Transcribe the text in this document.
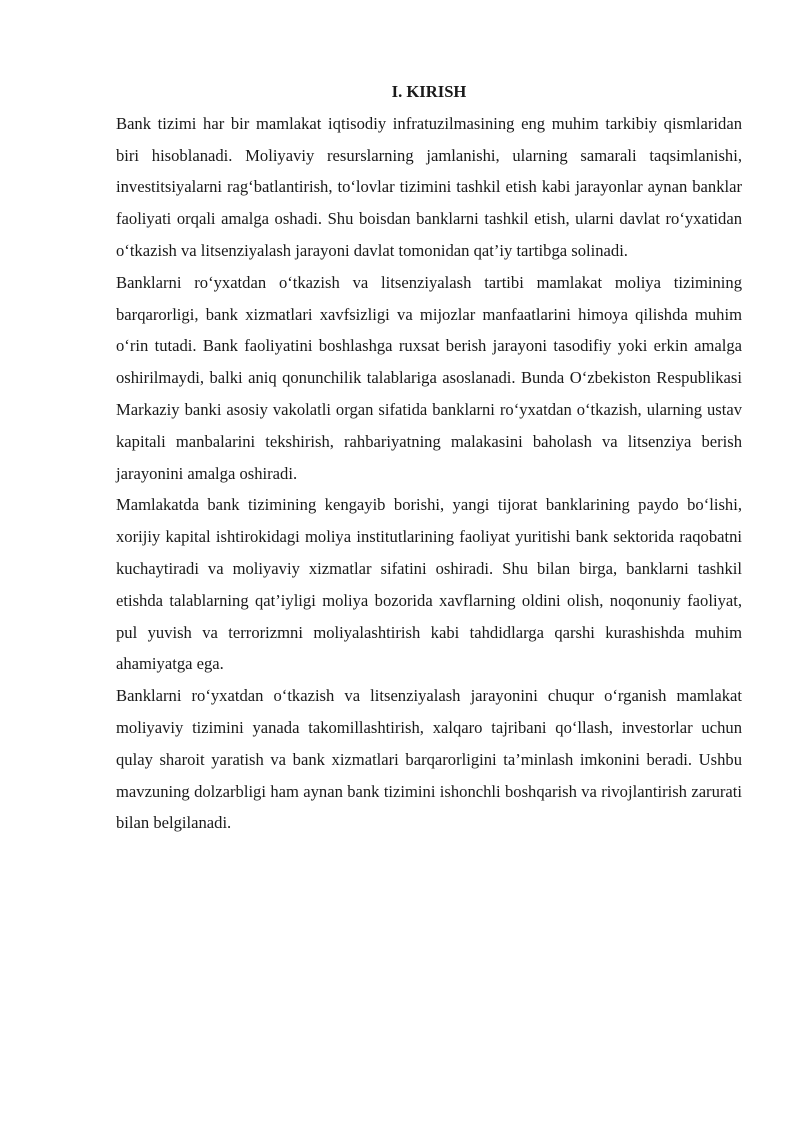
I. KIRISH

Bank tizimi har bir mamlakat iqtisodiy infratuzilmasining eng muhim tarkibiy qismlaridan biri hisoblanadi. Moliyaviy resurslarning jamlanishi, ularning samarali taqsimlanishi, investitsiyalarni rag‘batlantirish, to‘lovlar tizimini tashkil etish kabi jarayonlar aynan banklar faoliyati orqali amalga oshadi. Shu boisdan banklarni tashkil etish, ularni davlat ro‘yxatidan o‘tkazish va litsenziyalash jarayoni davlat tomonidan qat’iy tartibga solinadi.

Banklarni ro‘yxatdan o‘tkazish va litsenziyalash tartibi mamlakat moliya tizimining barqarorligi, bank xizmatlari xavfsizligi va mijozlar manfaatlarini himoya qilishda muhim o‘rin tutadi. Bank faoliyatini boshlashga ruxsat berish jarayoni tasodifiy yoki erkin amalga oshirilmaydi, balki aniq qonunchilik talablariga asoslanadi. Bunda O‘zbekiston Respublikasi Markaziy banki asosiy vakolatli organ sifatida banklarni ro‘yxatdan o‘tkazish, ularning ustav kapitali manbalarini tekshirish, rahbariyatning malakasini baholash va litsenziya berish jarayonini amalga oshiradi.

Mamlakatda bank tizimining kengayib borishi, yangi tijorat banklarining paydo bo‘lishi, xorijiy kapital ishtirokidagi moliya institutlarining faoliyat yuritishi bank sektorida raqobatni kuchaytiradi va moliyaviy xizmatlar sifatini oshiradi. Shu bilan birga, banklarni tashkil etishda talablarning qat’iyligi moliya bozorida xavflarning oldini olish, noqonuniy faoliyat, pul yuvish va terrorizmni moliyalashtirish kabi tahdidlarga qarshi kurashishda muhim ahamiyatga ega.

Banklarni ro‘yxatdan o‘tkazish va litsenziyalash jarayonini chuqur o‘rganish mamlakat moliyaviy tizimini yanada takomillashtirish, xalqaro tajribani qo‘llash, investorlar uchun qulay sharoit yaratish va bank xizmatlari barqarorligini ta’minlash imkonini beradi. Ushbu mavzuning dolzarbligi ham aynan bank tizimini ishonchli boshqarish va rivojlantirish zarurati bilan belgilanadi.
